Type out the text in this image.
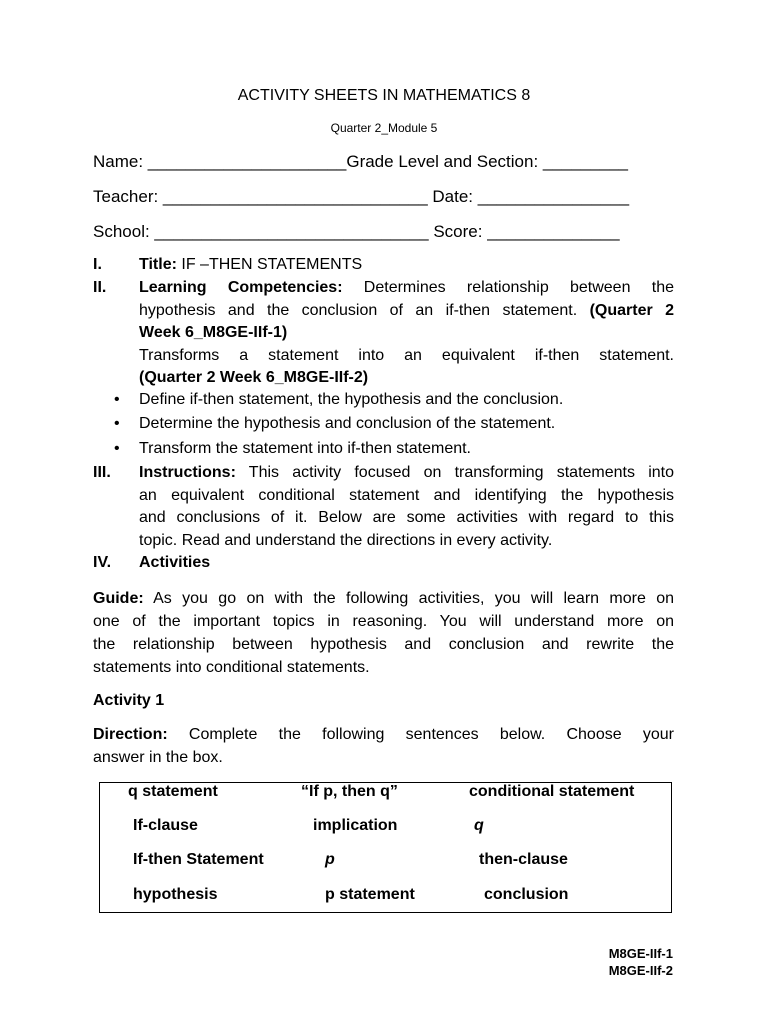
ACTIVITY SHEETS IN MATHEMATICS 8
Quarter 2_Module 5
Name: _____________________Grade Level and Section: _________
Teacher: ____________________________ Date: ________________
School: _____________________________ Score: ______________
I. Title: IF –THEN STATEMENTS
II. Learning Competencies: Determines relationship between the
hypothesis and the conclusion of an if-then statement. (Quarter 2
Week 6_M8GE-IIf-1)
Transforms a statement into an equivalent if-then statement.
(Quarter 2 Week 6_M8GE-IIf-2)
• Define if-then statement, the hypothesis and the conclusion.
• Determine the hypothesis and conclusion of the statement.
• Transform the statement into if-then statement.
III. Instructions: This activity focused on transforming statements into
an equivalent conditional statement and identifying the hypothesis
and conclusions of it. Below are some activities with regard to this
topic. Read and understand the directions in every activity.
IV. Activities
Guide: As you go on with the following activities, you will learn more on
one of the important topics in reasoning. You will understand more on
the relationship between hypothesis and conclusion and rewrite the
statements into conditional statements.
Activity 1
Direction: Complete the following sentences below. Choose your
answer in the box.
q statement	“If p, then q”	conditional statement
If-clause	implication	q
If-then Statement	p	then-clause
hypothesis	p statement	conclusion
M8GE-IIf-1
M8GE-IIf-2
